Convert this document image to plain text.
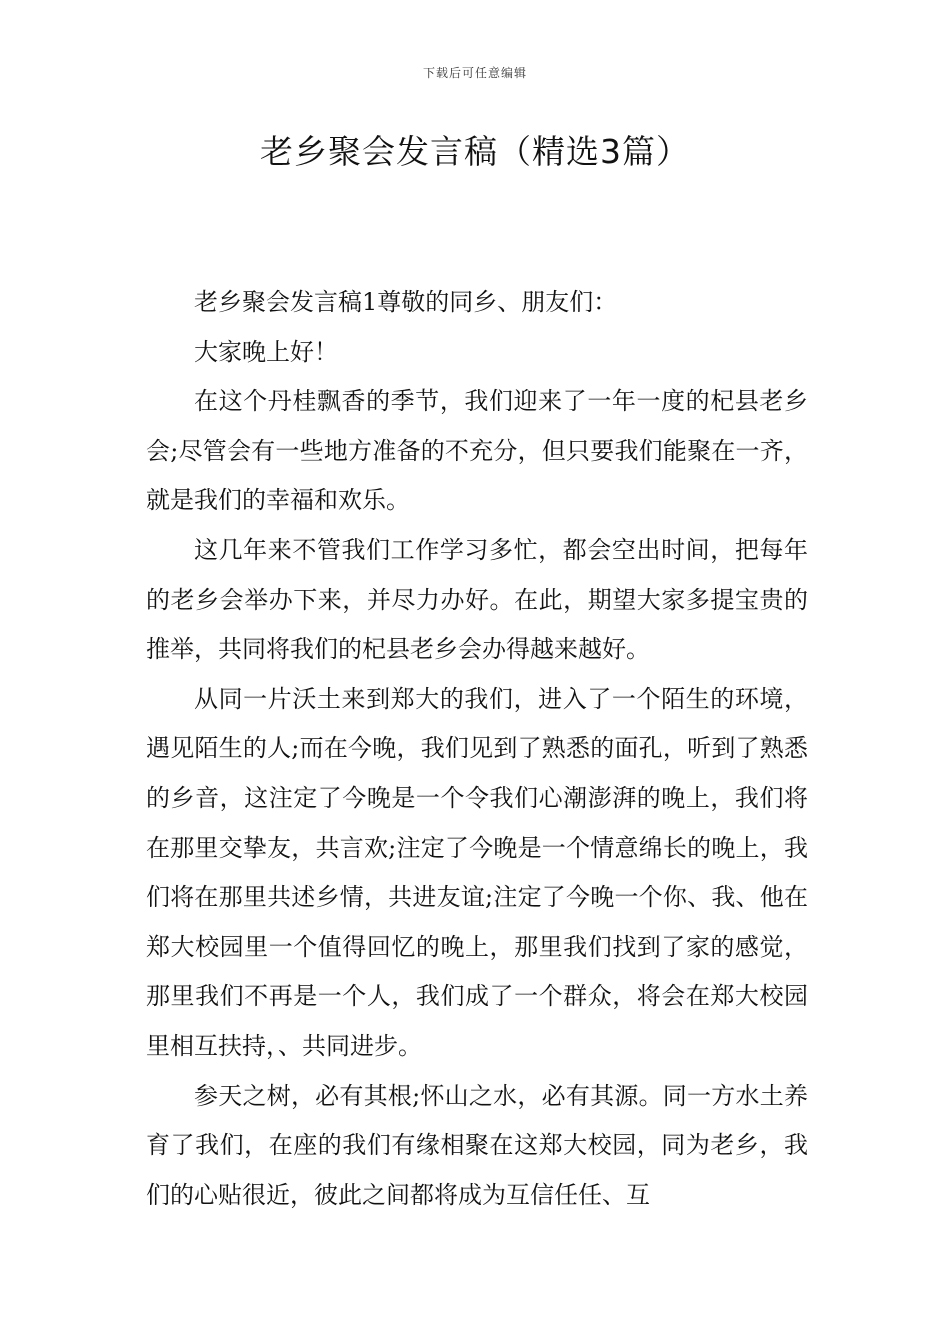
下载后可任意编辑
老乡聚会发言稿（精选3篇）

老乡聚会发言稿1尊敬的同乡、朋友们：

大家晚上好！

在这个丹桂飘香的季节，我们迎来了一年一度的杞县老乡会;尽管会有一些地方准备的不充分，但只要我们能聚在一齐，就是我们的幸福和欢乐。

这几年来不管我们工作学习多忙，都会空出时间，把每年的老乡会举办下来，并尽力办好。在此，期望大家多提宝贵的推举，共同将我们的杞县老乡会办得越来越好。

从同一片沃土来到郑大的我们，进入了一个陌生的环境，遇见陌生的人;而在今晚，我们见到了熟悉的面孔，听到了熟悉的乡音，这注定了今晚是一个令我们心潮澎湃的晚上，我们将在那里交挚友，共言欢;注定了今晚是一个情意绵长的晚上，我们将在那里共述乡情，共进友谊;注定了今晚一个你、我、他在郑大校园里一个值得回忆的晚上，那里我们找到了家的感觉，那里我们不再是一个人，我们成了一个群众，将会在郑大校园里相互扶持，、共同进步。

参天之树，必有其根;怀山之水，必有其源。同一方水土养育了我们，在座的我们有缘相聚在这郑大校园，同为老乡，我们的心贴很近，彼此之间都将成为互信任任、互
